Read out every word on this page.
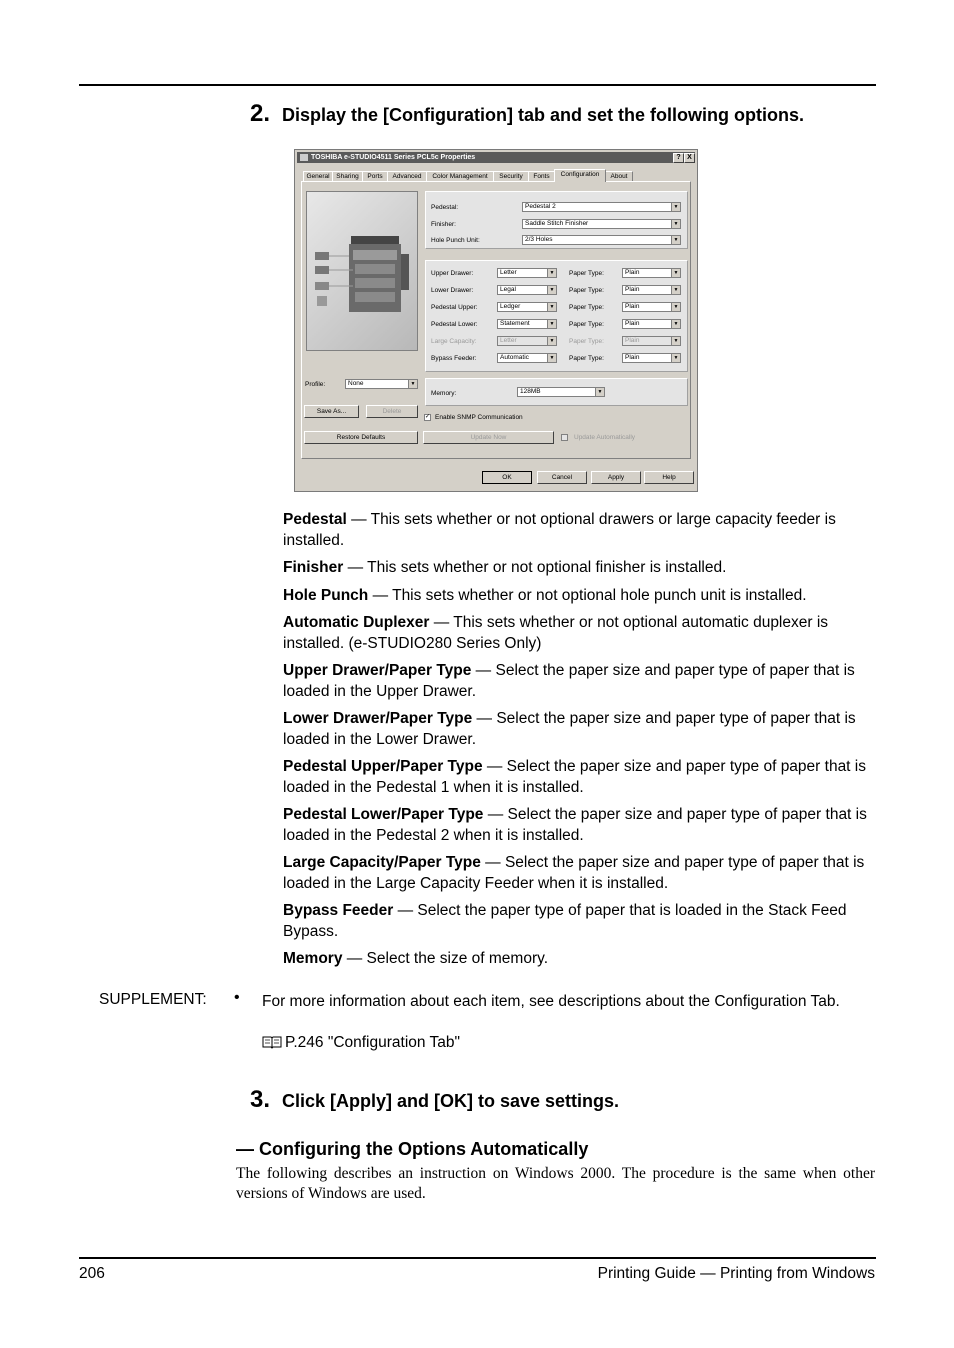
2. Display the [Configuration] tab and set the following options.
TOSHIBA e-STUDIO4511 Series PCL5c Properties	? X
General	Sharing	Ports	Advanced	Color Management	Security	Fonts	Configuration	About
Pedestal:	Pedestal 2	▼
Finisher:	Saddle Stitch Finisher	▼
Hole Punch Unit:	2/3 Holes	▼
Upper Drawer:	Letter	▼ Paper Type:	Plain	▼
Lower Drawer:	Legal	▼ Paper Type:	Plain	▼
Pedestal Upper:	Ledger	▼ Paper Type:	Plain	▼
Pedestal Lower:	Statement	▼ Paper Type:	Plain	▼
Large Capacity:	Letter	▼ Paper Type:	Plain	▼
Bypass Feeder:	Automatic	▼ Paper Type:	Plain	▼
Memory:	128MB	▼
Profile:	None	▼
Save As...	Delete
✓ Enable SNMP Communication
Restore Defaults	Update Now	Update Automatically
OK	Cancel	Apply	Help

Pedestal — This sets whether or not optional drawers or large capacity feeder is installed.

Finisher — This sets whether or not optional finisher is installed.

Hole Punch — This sets whether or not optional hole punch unit is installed.

Automatic Duplexer — This sets whether or not optional automatic duplexer is installed. (e-STUDIO280 Series Only)

Upper Drawer/Paper Type — Select the paper size and paper type of paper that is loaded in the Upper Drawer.

Lower Drawer/Paper Type — Select the paper size and paper type of paper that is loaded in the Lower Drawer.

Pedestal Upper/Paper Type — Select the paper size and paper type of paper that is loaded in the Pedestal 1 when it is installed.

Pedestal Lower/Paper Type — Select the paper size and paper type of paper that is loaded in the Pedestal 2 when it is installed.

Large Capacity/Paper Type — Select the paper size and paper type of paper that is loaded in the Large Capacity Feeder when it is installed.

Bypass Feeder — Select the paper type of paper that is loaded in the Stack Feed Bypass.

Memory — Select the size of memory.

SUPPLEMENT: • For more information about each item, see descriptions about the Configuration Tab.
P.246 "Configuration Tab"
3. Click [Apply] and [OK] to save settings.
— Configuring the Options Automatically
The following describes an instruction on Windows 2000. The procedure is the same when other versions of Windows are used.
206	Printing Guide — Printing from Windows
